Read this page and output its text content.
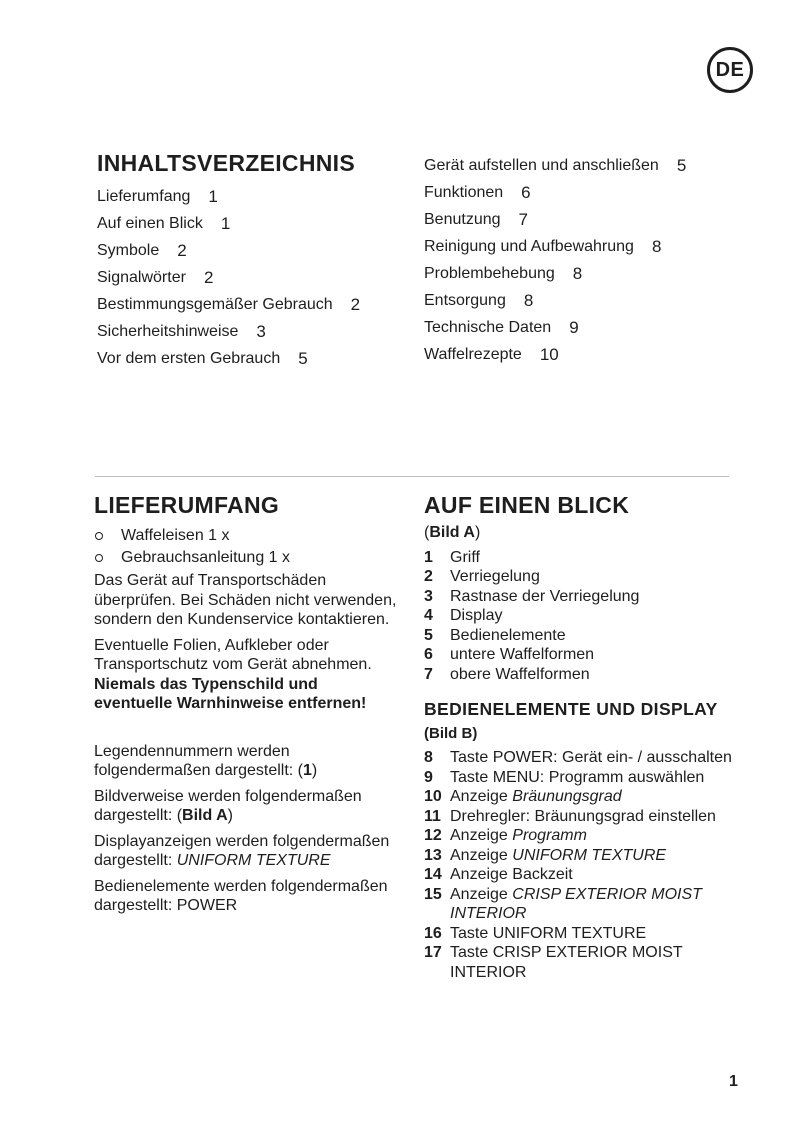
DE
INHALTSVERZEICHNIS
Lieferumfang 1
Auf einen Blick 1
Symbole 2
Signalwörter 2
Bestimmungsgemäßer Gebrauch 2
Sicherheitshinweise 3
Vor dem ersten Gebrauch 5
Gerät aufstellen und anschließen 5
Funktionen 6
Benutzung 7
Reinigung und Aufbewahrung 8
Problembehebung 8
Entsorgung 8
Technische Daten 9
Waffelrezepte 10
LIEFERUMFANG
Waffeleisen 1 x
Gebrauchsanleitung 1 x

Das Gerät auf Transportschäden überprüfen. Bei Schäden nicht verwenden, sondern den Kundenservice kontaktieren.

Eventuelle Folien, Aufkleber oder Transportschutz vom Gerät abnehmen. Niemals das Typenschild und eventuelle Warnhinweise entfernen!

Legendennummern werden folgendermaßen dargestellt: (1)

Bildverweise werden folgendermaßen dargestellt: (Bild A)

Displayanzeigen werden folgendermaßen dargestellt: UNIFORM TEXTURE

Bedienelemente werden folgendermaßen dargestellt: POWER

AUF EINEN BLICK

(Bild A)

1	Griff
2	Verriegelung
3	Rastnase der Verriegelung
4	Display
5	Bedienelemente
6	untere Waffelformen
7	obere Waffelformen
BEDIENELEMENTE UND DISPLAY

(Bild B)

8	Taste POWER: Gerät ein- / ausschalten
9	Taste MENU: Programm auswählen
10 Anzeige Bräunungsgrad
11 Drehregler: Bräunungsgrad einstellen
12 Anzeige Programm
13 Anzeige UNIFORM TEXTURE
14 Anzeige Backzeit
15 Anzeige CRISP EXTERIOR MOIST INTERIOR
16 Taste UNIFORM TEXTURE
17 Taste CRISP EXTERIOR MOIST INTERIOR
1
